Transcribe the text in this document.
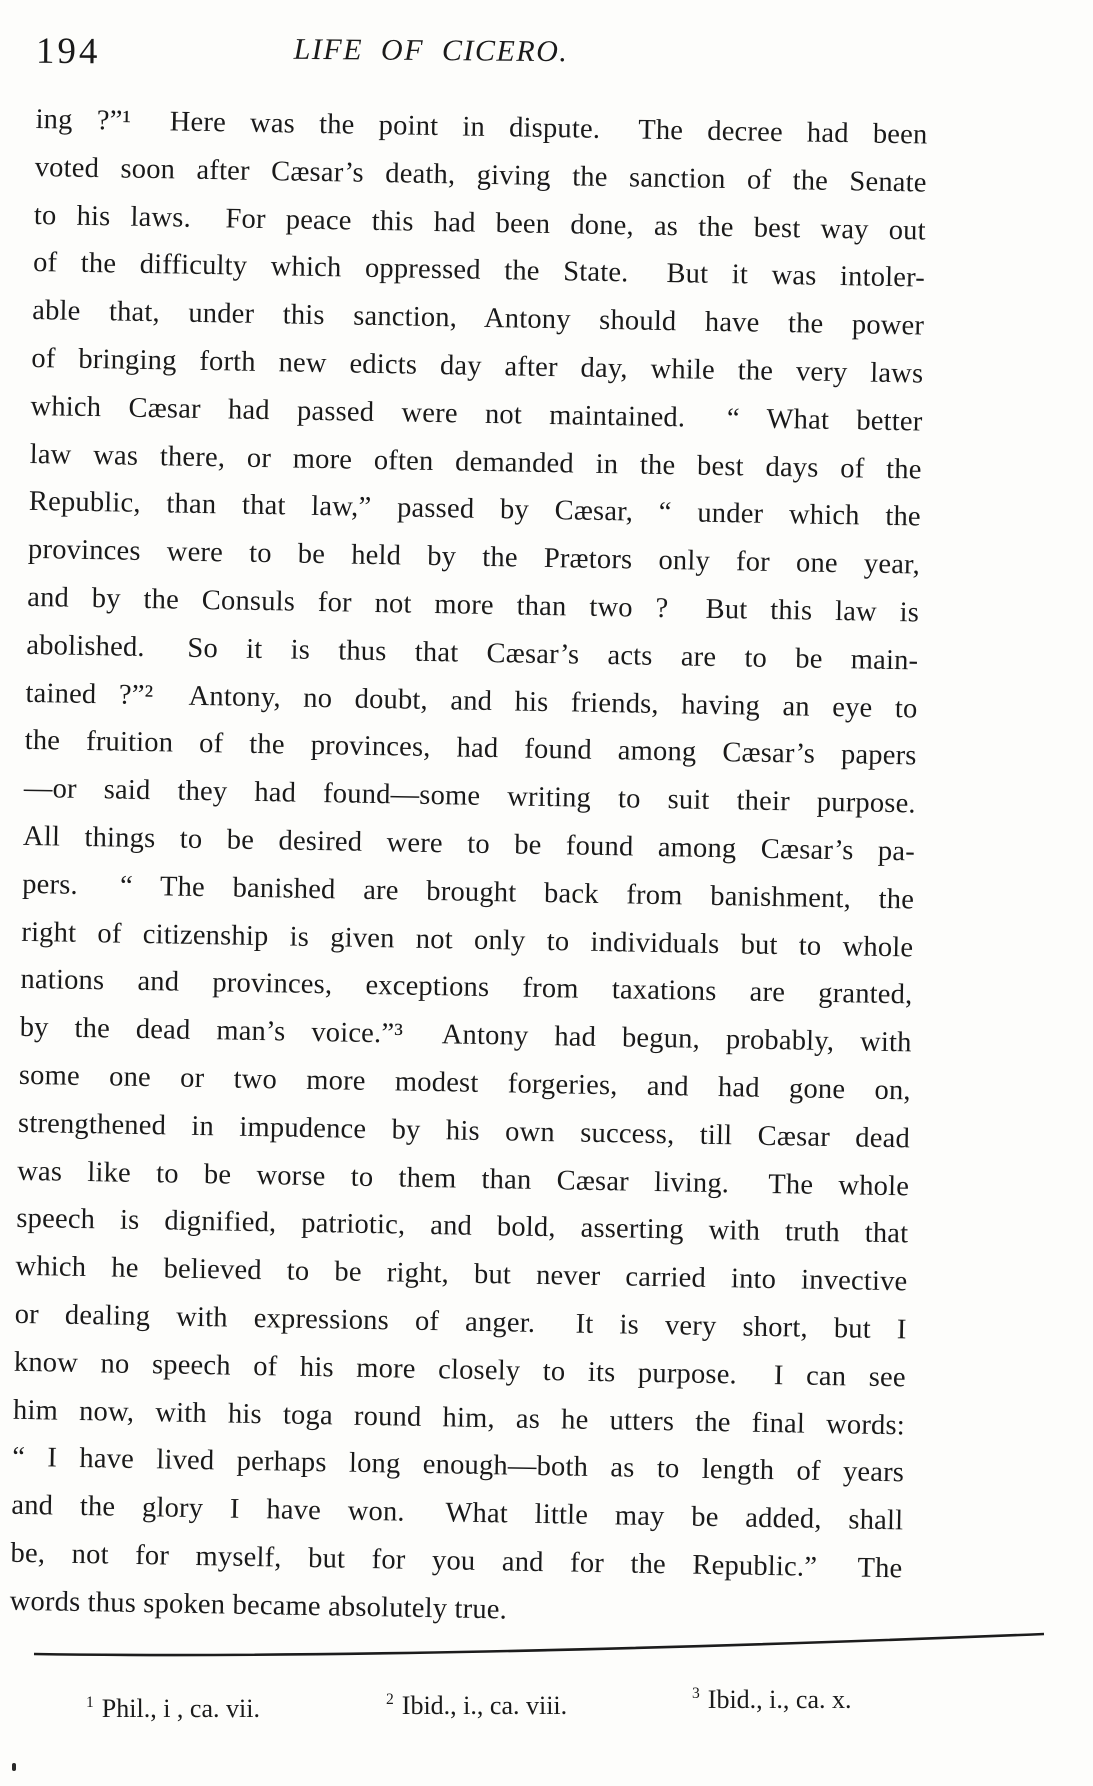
194	LIFE OF CICERO.
ing ?”¹  Here was the point in dispute.  The decree had been
voted soon after Cæsar’s death, giving the sanction of the Senate
to his laws.  For peace this had been done, as the best way out
of the difficulty which oppressed the State.  But it was intoler-
able that, under this sanction, Antony should have the power
of bringing forth new edicts day after day, while the very laws
which Cæsar had passed were not maintained.  “ What better
law was there, or more often demanded in the best days of the
Republic, than that law,” passed by Cæsar, “ under which the
provinces were to be held by the Prætors only for one year,
and by the Consuls for not more than two ?  But this law is
abolished.  So it is thus that Cæsar’s acts are to be main-
tained ?”²  Antony, no doubt, and his friends, having an eye to
the fruition of the provinces, had found among Cæsar’s papers
—or said they had found—some writing to suit their purpose.
All things to be desired were to be found among Cæsar’s pa-
pers.  “ The banished are brought back from banishment, the
right of citizenship is given not only to individuals but to whole
nations and provinces, exceptions from taxations are granted,
by the dead man’s voice.”³  Antony had begun, probably, with
some one or two more modest forgeries, and had gone on,
strengthened in impudence by his own success, till Cæsar dead
was like to be worse to them than Cæsar living.  The whole
speech is dignified, patriotic, and bold, asserting with truth that
which he believed to be right, but never carried into invective
or dealing with expressions of anger.  It is very short, but I
know no speech of his more closely to its purpose.  I can see
him now, with his toga round him, as he utters the final words:
“ I have lived perhaps long enough—both as to length of years
and the glory I have won.  What little may be added, shall
be, not for myself, but for you and for the Republic.”  The
words thus spoken became absolutely true.
$^1$ Phil., i , ca. vii.	$^2$ Ibid., i., ca. viii.	$^3$ Ibid., i., ca. x.
